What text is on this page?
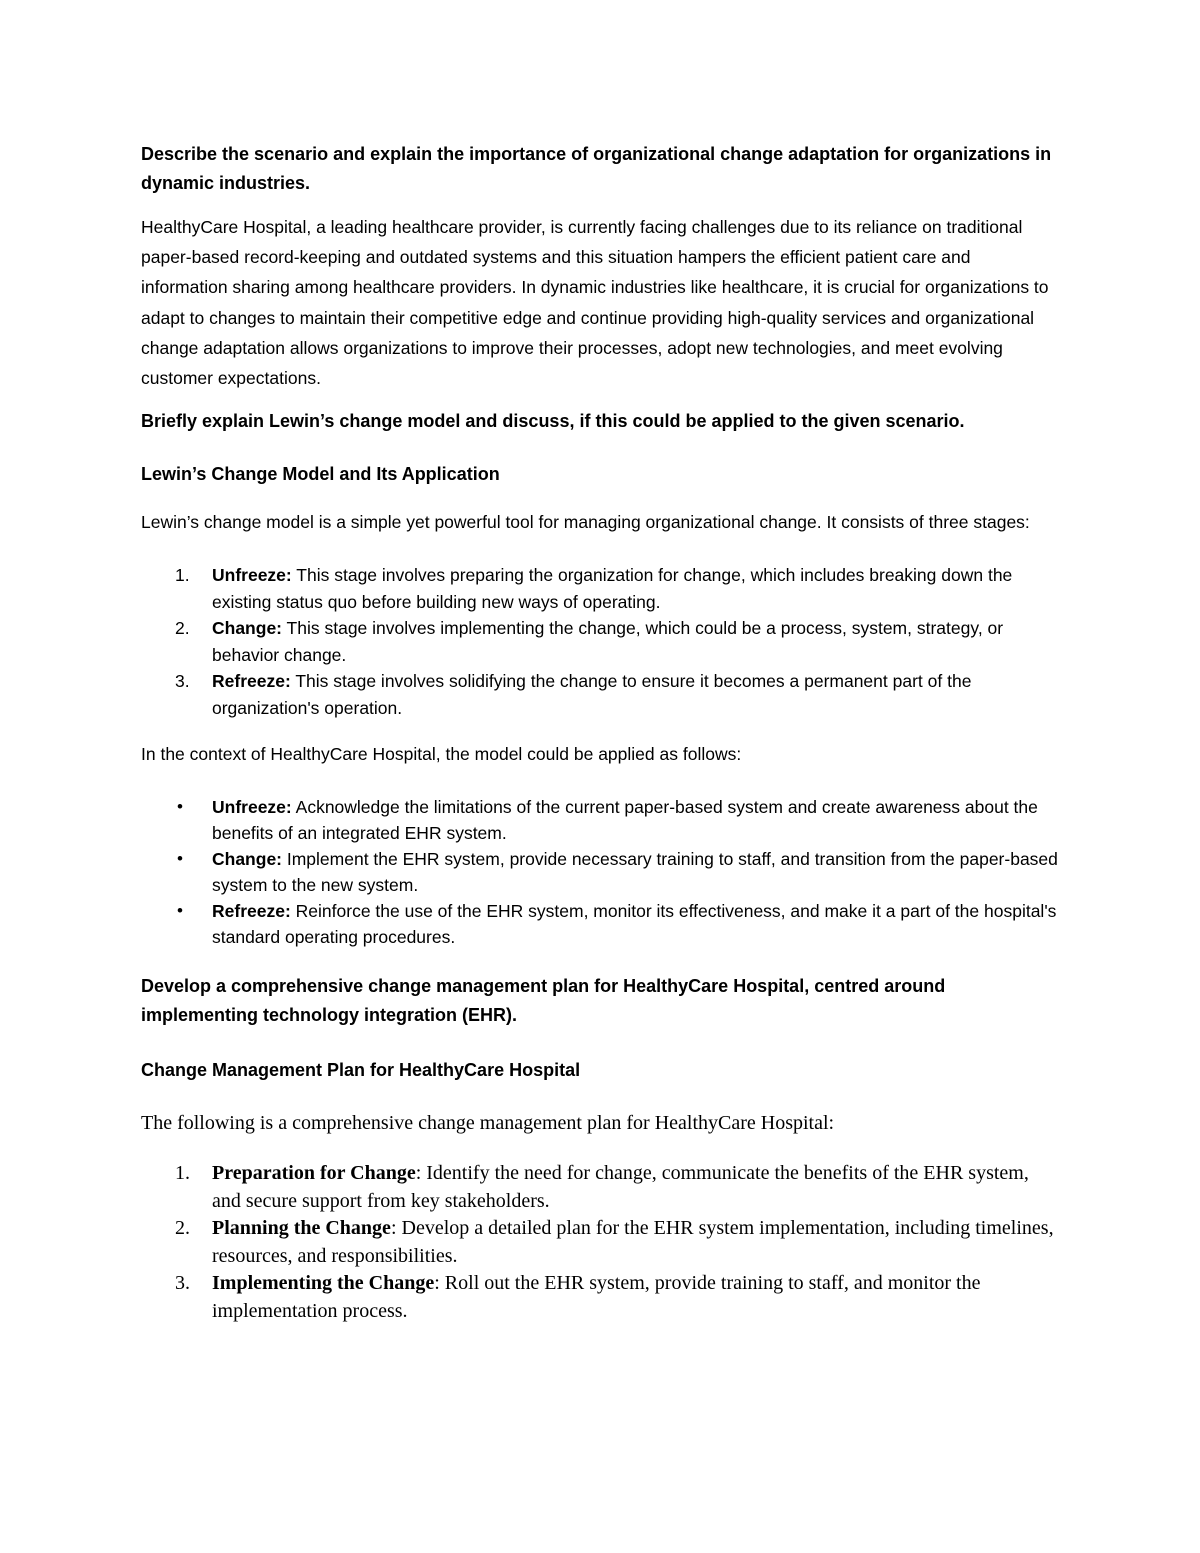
Describe the scenario and explain the importance of organizational change adaptation for organizations in dynamic industries.

HealthyCare Hospital, a leading healthcare provider, is currently facing challenges due to its reliance on traditional paper-based record-keeping and outdated systems and this situation hampers the efficient patient care and information sharing among healthcare providers. In dynamic industries like healthcare, it is crucial for organizations to adapt to changes to maintain their competitive edge and continue providing high-quality services and organizational change adaptation allows organizations to improve their processes, adopt new technologies, and meet evolving customer expectations.

Briefly explain Lewin’s change model and discuss, if this could be applied to the given scenario.

Lewin’s Change Model and Its Application

Lewin’s change model is a simple yet powerful tool for managing organizational change. It consists of three stages:

1. Unfreeze: This stage involves preparing the organization for change, which includes breaking down the existing status quo before building new ways of operating.
2. Change: This stage involves implementing the change, which could be a process, system, strategy, or behavior change.
3. Refreeze: This stage involves solidifying the change to ensure it becomes a permanent part of the organization's operation.

In the context of HealthyCare Hospital, the model could be applied as follows:

• Unfreeze: Acknowledge the limitations of the current paper-based system and create awareness about the benefits of an integrated EHR system.
• Change: Implement the EHR system, provide necessary training to staff, and transition from the paper-based system to the new system.
• Refreeze: Reinforce the use of the EHR system, monitor its effectiveness, and make it a part of the hospital's standard operating procedures.

Develop a comprehensive change management plan for HealthyCare Hospital, centred around implementing technology integration (EHR).

Change Management Plan for HealthyCare Hospital

The following is a comprehensive change management plan for HealthyCare Hospital:

1. Preparation for Change: Identify the need for change, communicate the benefits of the EHR system, and secure support from key stakeholders.
2. Planning the Change: Develop a detailed plan for the EHR system implementation, including timelines, resources, and responsibilities.
3. Implementing the Change: Roll out the EHR system, provide training to staff, and monitor the implementation process.
